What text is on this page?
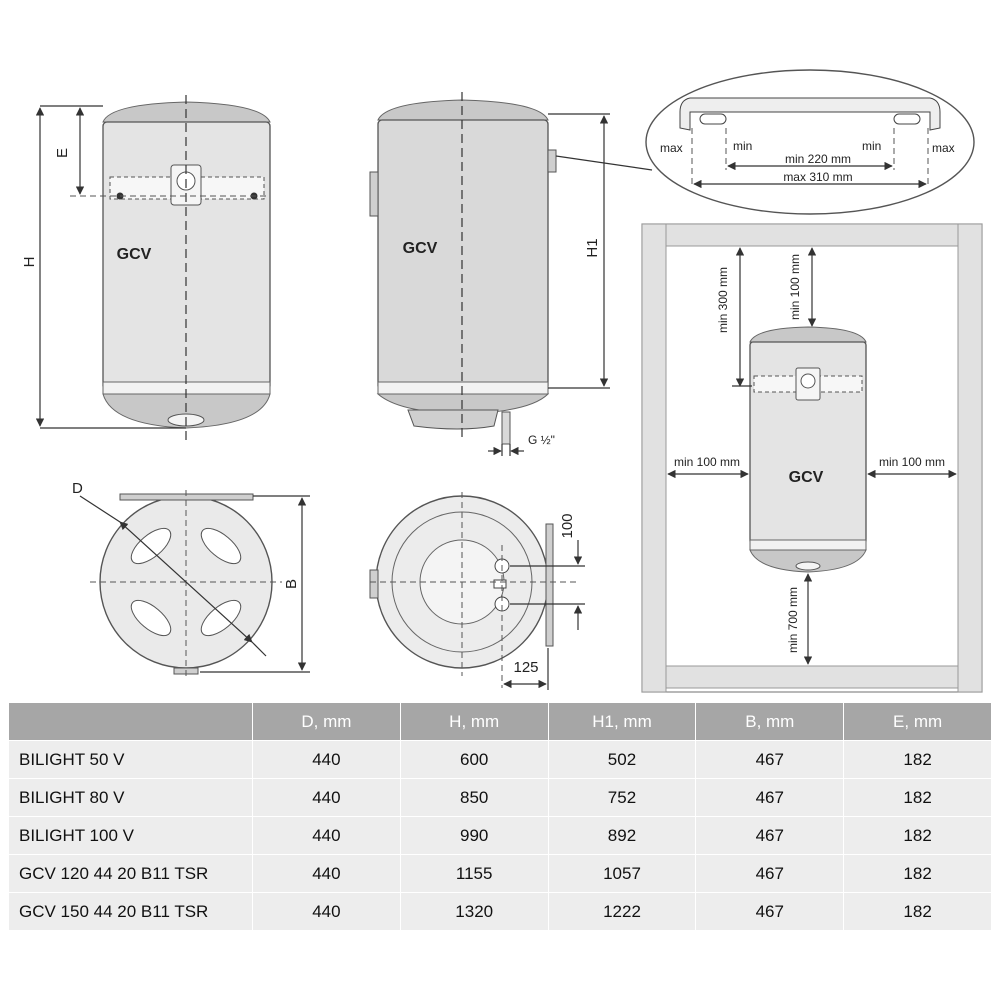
H
E
GCV	H1
G ½"
GCV
max	min	min	max
min 220 mm
max 310 mm
D
B
100
125
GCV
min 300 mm	min 100 mm
min 100 mm	min 100 mm
min 700 mm
	D, mm	H, mm	H1, mm	B, mm	E, mm
BILIGHT 50 V	440	600	502	467	182
BILIGHT 80 V	440	850	752	467	182
BILIGHT 100 V	440	990	892	467	182
GCV 120 44 20 B11 TSR	440	1155	1057	467	182
GCV 150 44 20 B11 TSR	440	1320	1222	467	182
